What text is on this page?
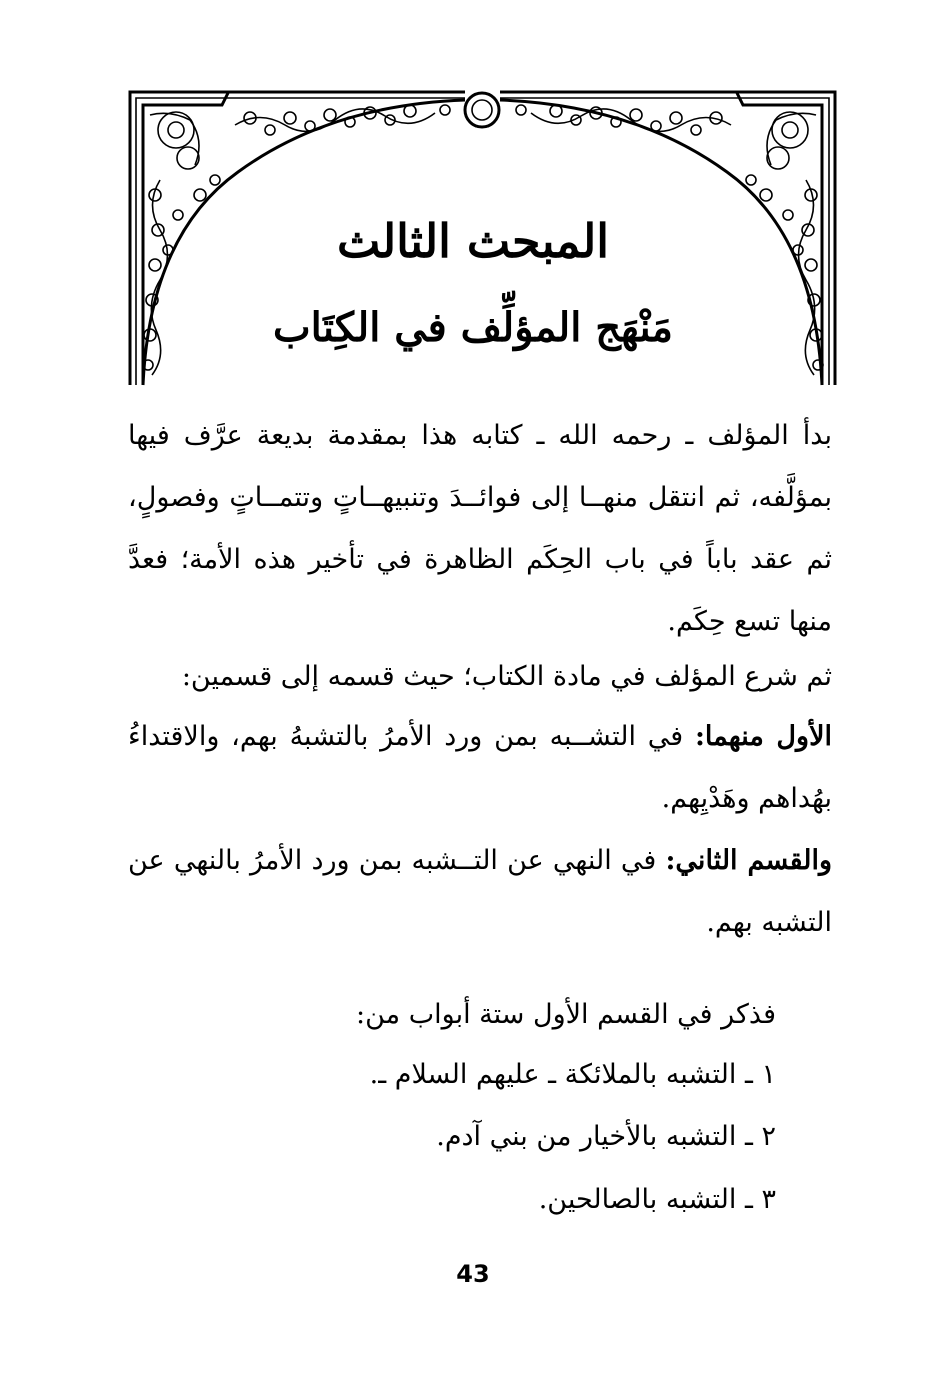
المبحث الثالث
مَنْهَج المؤلِّف في الكِتَاب

بدأ المؤلف ـ رحمه الله ـ كتابه هذا بمقدمة بديعة عرَّف فيها بمؤلَّفه، ثم انتقل منهــا إلى فوائــدَ وتنبيهــاتٍ وتتمــاتٍ وفصولٍ، ثم عقد باباً في باب الحِكَم الظاهرة في تأخير هذه الأمة؛ فعدَّ منها تسع حِكَم.

ثم شرع المؤلف في مادة الكتاب؛ حيث قسمه إلى قسمين:

الأول منهما: في التشــبه بمن ورد الأمرُ بالتشبهُ بهم، والاقتداءُ بهُداهم وهَدْيِهم.

والقسم الثاني: في النهي عن التــشبه بمن ورد الأمرُ بالنهي عن التشبه بهم.

فذكر في القسم الأول ستة أبواب من:
١ ـ التشبه بالملائكة ـ عليهم السلام ـ.
٢ ـ التشبه بالأخيار من بني آدم.
٣ ـ التشبه بالصالحين.
43
